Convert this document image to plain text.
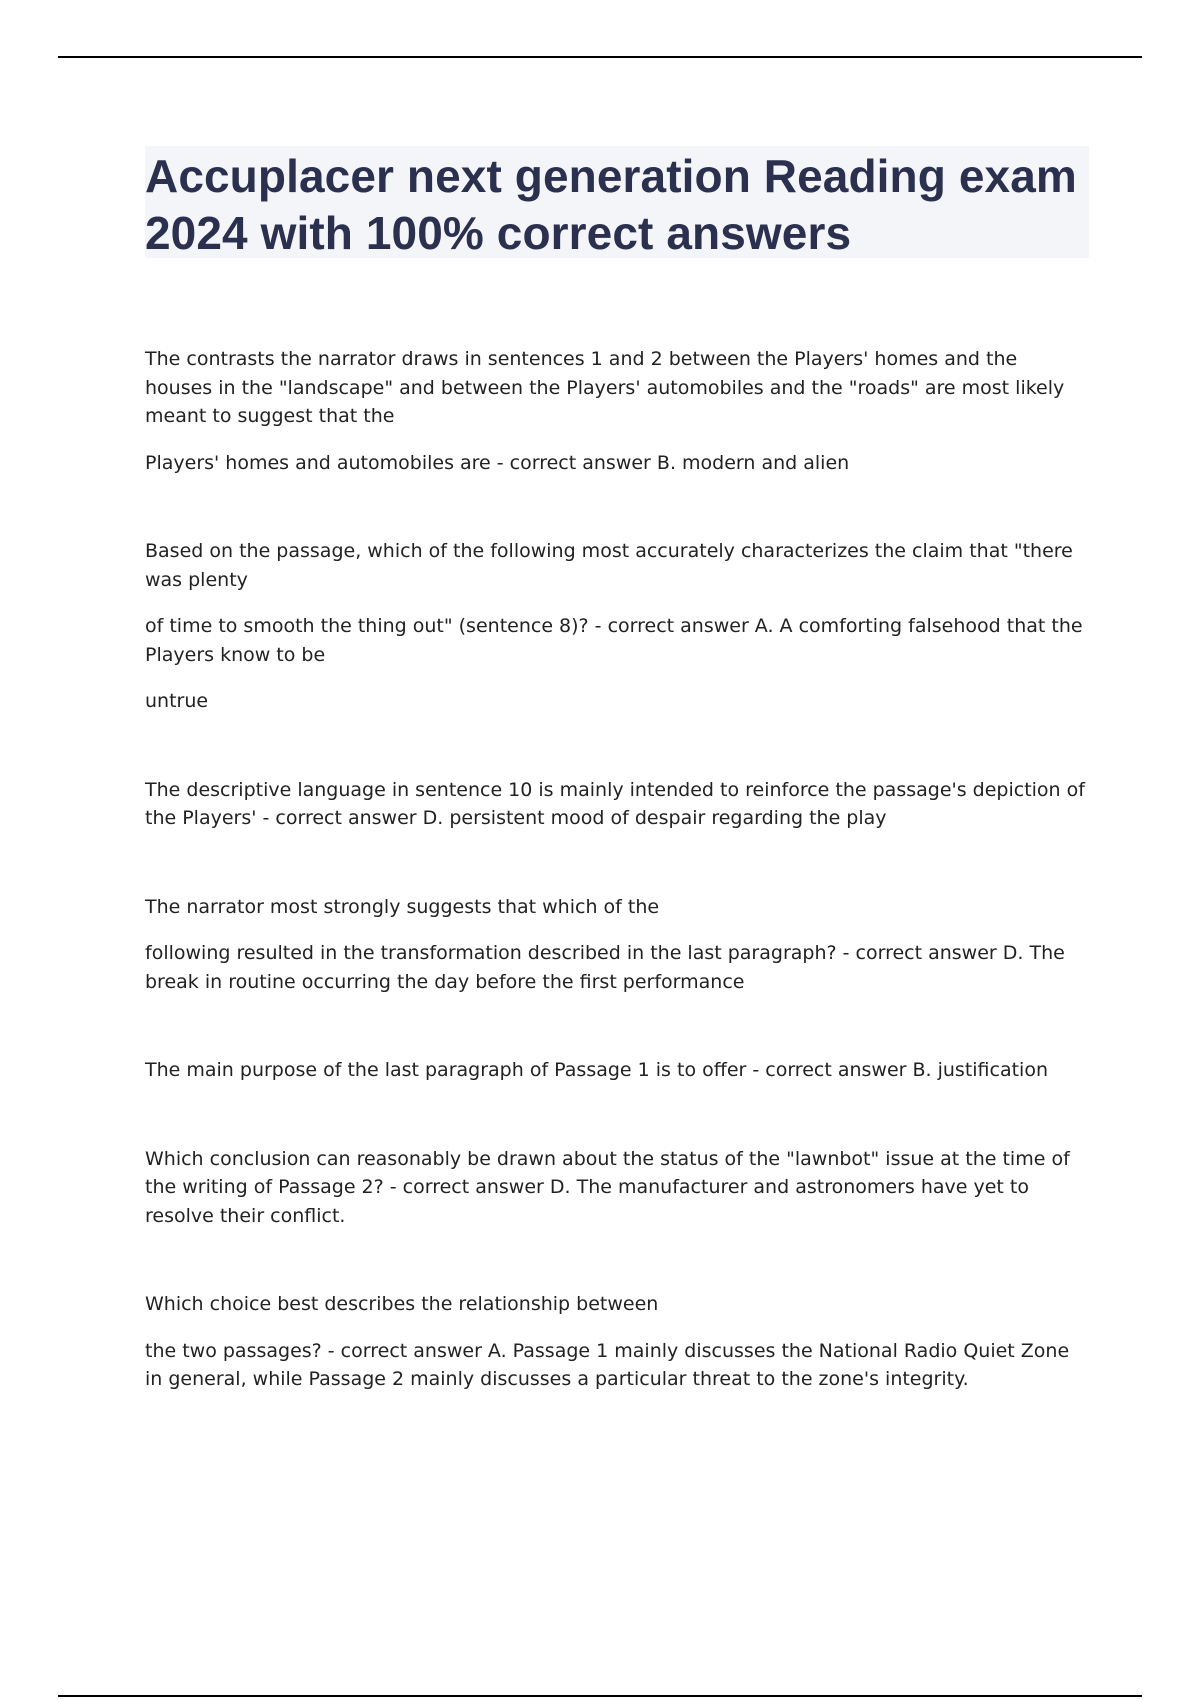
Accuplacer next generation Reading exam 2024 with 100% correct answers

The contrasts the narrator draws in sentences 1 and 2 between the Players' homes and the houses in the "landscape" and between the Players' automobiles and the "roads" are most likely meant to suggest that the

Players' homes and automobiles are - correct answer B. modern and alien

Based on the passage, which of the following most accurately characterizes the claim that "there was plenty

of time to smooth the thing out" (sentence 8)? - correct answer A. A comforting falsehood that the Players know to be

untrue

The descriptive language in sentence 10 is mainly intended to reinforce the passage's depiction of the Players' - correct answer D. persistent mood of despair regarding the play

The narrator most strongly suggests that which of the

following resulted in the transformation described in the last paragraph? - correct answer D. The break in routine occurring the day before the first performance

The main purpose of the last paragraph of Passage 1 is to offer - correct answer B. justification

Which conclusion can reasonably be drawn about the status of the "lawnbot" issue at the time of the writing of Passage 2? - correct answer D. The manufacturer and astronomers have yet to resolve their conflict.

Which choice best describes the relationship between

the two passages? - correct answer A. Passage 1 mainly discusses the National Radio Quiet Zone in general, while Passage 2 mainly discusses a particular threat to the zone's integrity.
